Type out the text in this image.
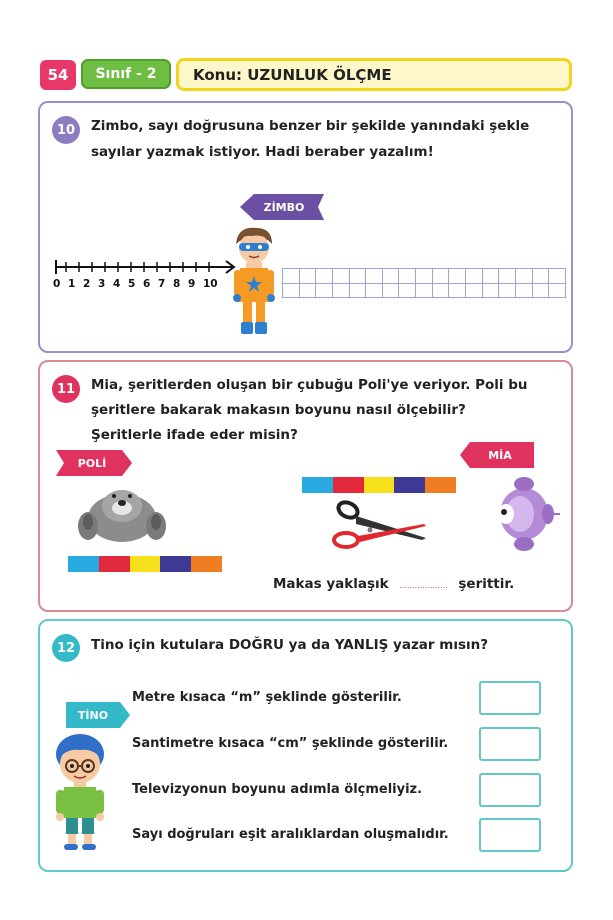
54	Sınıf - 2	Konu: UZUNLUK ÖLÇME
10	Zimbo, sayı doğrusuna benzer bir şekilde yanındaki şekle
sayılar yazmak istiyor. Hadi beraber yazalım!
ZİMBO
0 1 2 3 4 5 6 7 8 9 10
11	Mia, şeritlerden oluşan bir çubuğu Poli'ye veriyor. Poli bu
şeritlere bakarak makasın boyunu nasıl ölçebilir?
Şeritlerle ifade eder misin?
POLİ
MİA
Makas yaklaşık ................... şerittir.
12	Tino için kutulara DOĞRU ya da YANLIŞ yazar mısın?
TİNO
Metre kısaca “m” şeklinde gösterilir.
Santimetre kısaca “cm” şeklinde gösterilir.
Televizyonun boyunu adımla ölçmeliyiz.
Sayı doğruları eşit aralıklardan oluşmalıdır.
